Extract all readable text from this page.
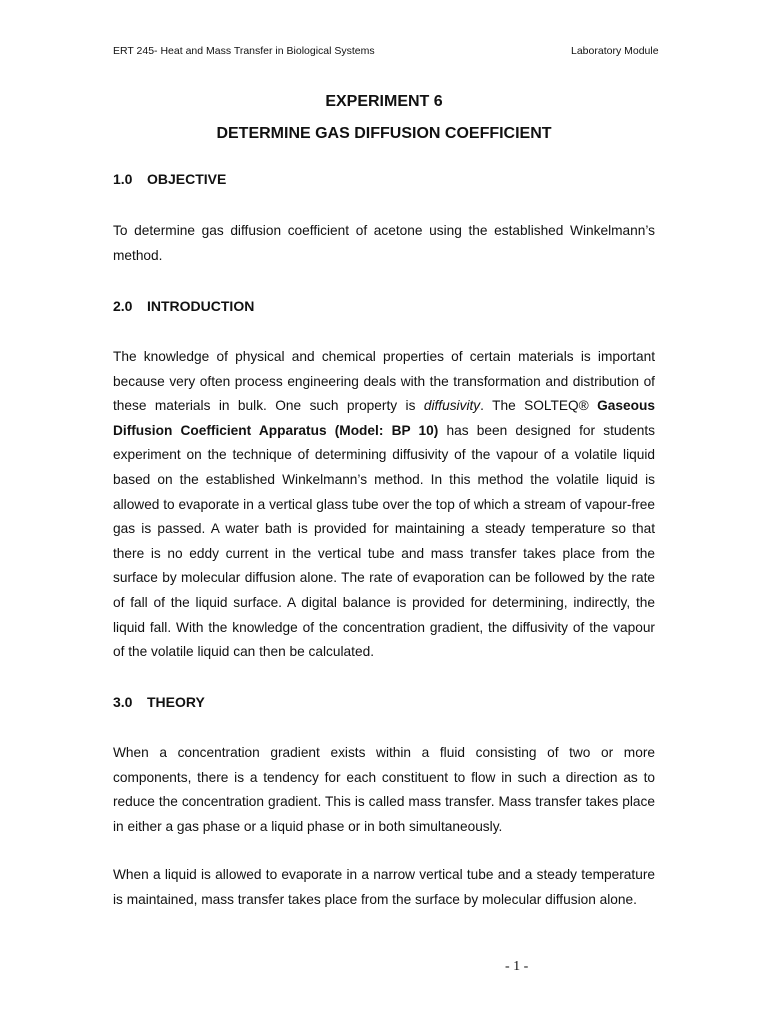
ERT 245- Heat and Mass Transfer in Biological Systems	Laboratory Module
EXPERIMENT 6
DETERMINE GAS DIFFUSION COEFFICIENT
1.0 OBJECTIVE

To determine gas diffusion coefficient of acetone using the established Winkelmann’s method.

2.0 INTRODUCTION

The knowledge of physical and chemical properties of certain materials is important because very often process engineering deals with the transformation and distribution of these materials in bulk. One such property is diffusivity. The SOLTEQ® Gaseous Diffusion Coefficient Apparatus (Model: BP 10) has been designed for students experiment on the technique of determining diffusivity of the vapour of a volatile liquid based on the established Winkelmann’s method. In this method the volatile liquid is allowed to evaporate in a vertical glass tube over the top of which a stream of vapour-free gas is passed. A water bath is provided for maintaining a steady temperature so that there is no eddy current in the vertical tube and mass transfer takes place from the surface by molecular diffusion alone. The rate of evaporation can be followed by the rate of fall of the liquid surface. A digital balance is provided for determining, indirectly, the liquid fall. With the knowledge of the concentration gradient, the diffusivity of the vapour of the volatile liquid can then be calculated.

3.0 THEORY

When a concentration gradient exists within a fluid consisting of two or more components, there is a tendency for each constituent to flow in such a direction as to reduce the concentration gradient. This is called mass transfer. Mass transfer takes place in either a gas phase or a liquid phase or in both simultaneously.

When a liquid is allowed to evaporate in a narrow vertical tube and a steady temperature is maintained, mass transfer takes place from the surface by molecular diffusion alone.

- 1 -
